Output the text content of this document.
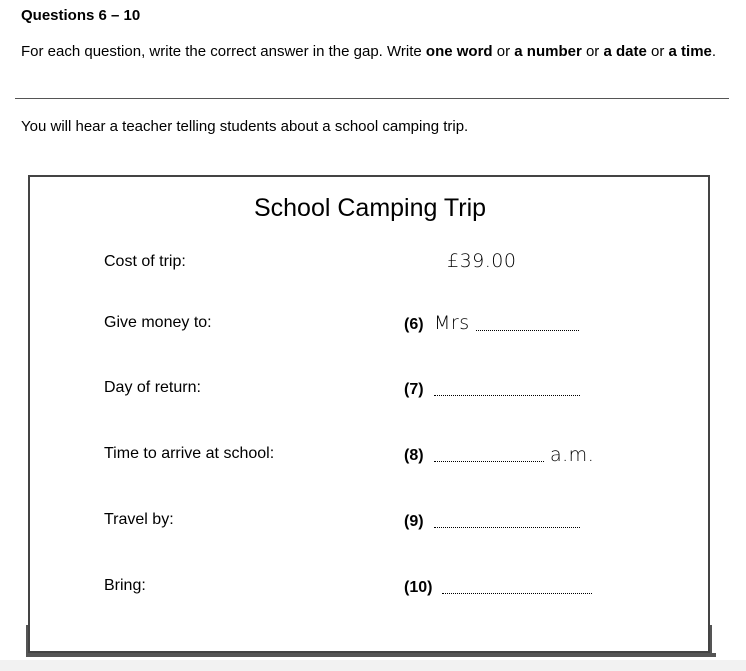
Questions 6 – 10
For each question, write the correct answer in the gap. Write one word or a number or a date or a time.
You will hear a teacher telling students about a school camping trip.
School Camping Trip
Cost of trip:	£39.00
Give money to:	(6) Mrs
Day of return:	(7)
Time to arrive at school:	(8)	a.m.
Travel by:	(9)
Bring:	(10)
